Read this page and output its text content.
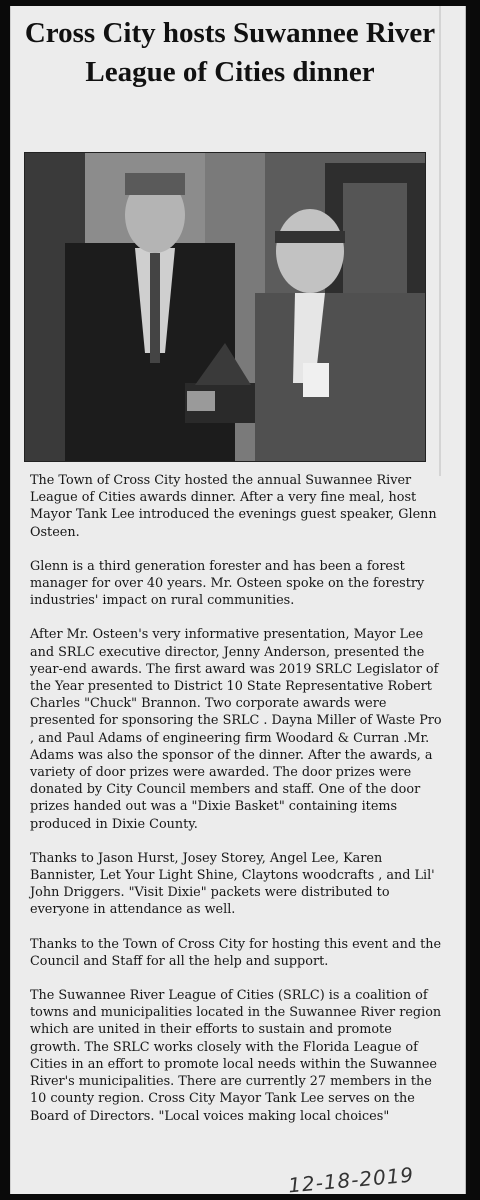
Cross City hosts Suwannee River League of Cities dinner

The Town of Cross City hosted the annual Suwannee River League of Cities awards dinner. After a very fine meal, host Mayor Tank Lee introduced the evenings guest speaker, Glenn Osteen.

Glenn is a third generation forester and has been a forest manager for over 40 years. Mr. Osteen spoke on the forestry industries' impact on rural communities.

After Mr. Osteen's very informative presentation, Mayor Lee and SRLC executive director, Jenny Anderson, presented the year-end awards. The first award was 2019 SRLC Legislator of the Year presented to District 10 State Representative Robert Charles "Chuck" Brannon. Two corporate awards were presented for sponsoring the SRLC . Dayna Miller of Waste Pro , and Paul Adams of engineering firm Woodard & Curran .Mr. Adams was also the sponsor of the dinner. After the awards, a variety of door prizes were awarded. The door prizes were donated by City Council members and staff. One of the door prizes handed out was a "Dixie Basket" containing items produced in Dixie County.

Thanks to Jason Hurst, Josey Storey, Angel Lee, Karen Bannister, Let Your Light Shine, Claytons woodcrafts , and Lil' John Driggers. "Visit Dixie" packets were distributed to everyone in attendance as well.

Thanks to the Town of Cross City for hosting this event and the Council and Staff for all the help and support.

The Suwannee River League of Cities (SRLC) is a coalition of towns and municipalities located in the Suwannee River region which are united in their efforts to sustain and promote growth. The SRLC works closely with the Florida League of Cities in an effort to promote local needs within the Suwannee River's municipalities. There are currently 27 members in the 10 county region. Cross City Mayor Tank Lee serves on the Board of Directors. "Local voices making local choices"

12-18-2019
